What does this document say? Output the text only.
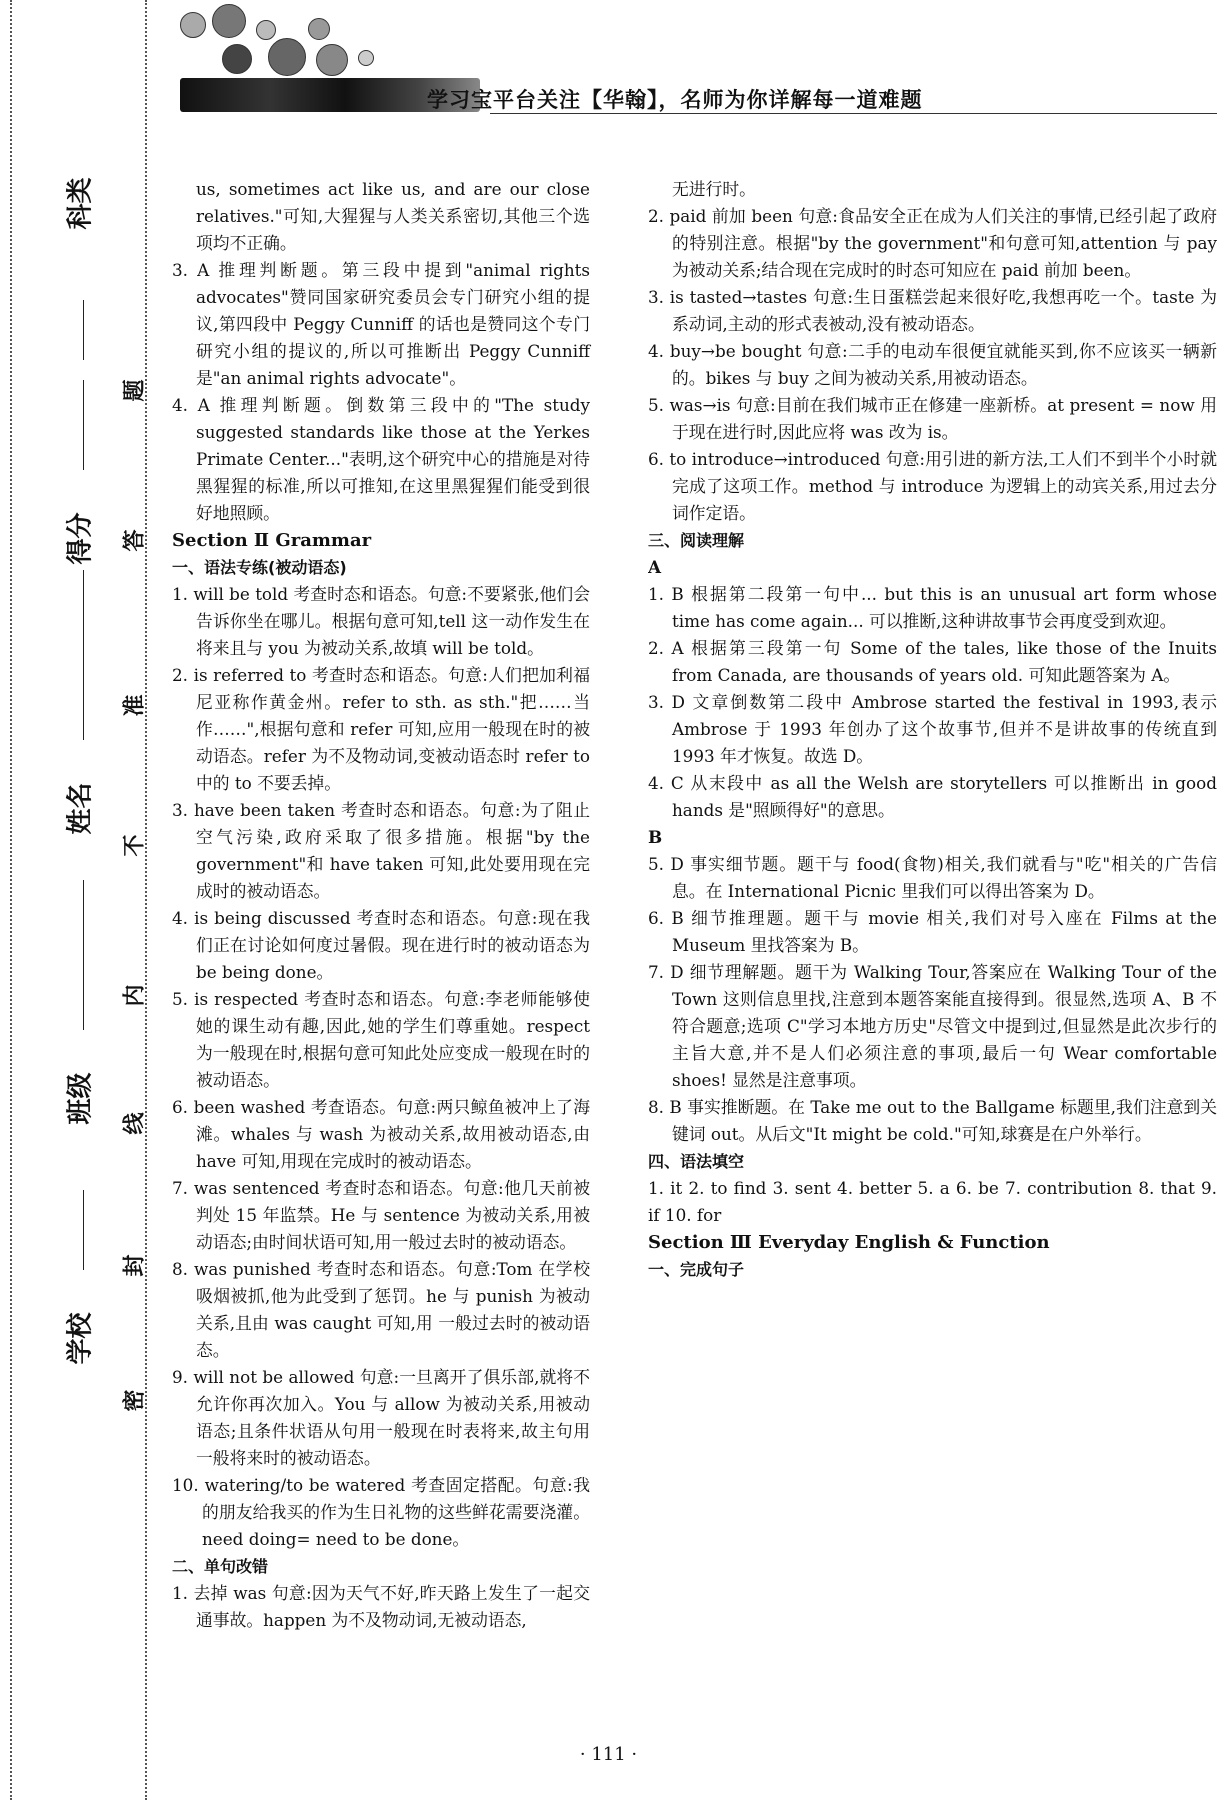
学校
班级
姓名
得分
科类
密
封
线
内
不
准
答
题
学习宝平台关注【华翰】，名师为你详解每一道难题

us, sometimes act like us, and are our close relatives."可知,大猩猩与人类关系密切,其他三个选项均不正确。

3. A 推理判断题。第三段中提到"animal rights advocates"赞同国家研究委员会专门研究小组的提议,第四段中 Peggy Cunniff 的话也是赞同这个专门研究小组的提议的,所以可推断出 Peggy Cunniff 是"an animal rights advocate"。

4. A 推理判断题。倒数第三段中的"The study suggested standards like those at the Yerkes Primate Center..."表明,这个研究中心的措施是对待黑猩猩的标准,所以可推知,在这里黑猩猩们能受到很好地照顾。

Section Ⅱ Grammar

一、语法专练(被动语态)

1. will be told 考查时态和语态。句意:不要紧张,他们会告诉你坐在哪儿。根据句意可知,tell 这一动作发生在将来且与 you 为被动关系,故填 will be told。

2. is referred to 考查时态和语态。句意:人们把加利福尼亚称作黄金州。refer to sth. as sth."把……当作……",根据句意和 refer 可知,应用一般现在时的被动语态。refer 为不及物动词,变被动语态时 refer to 中的 to 不要丢掉。

3. have been taken 考查时态和语态。句意:为了阻止空气污染,政府采取了很多措施。根据"by the government"和 have taken 可知,此处要用现在完成时的被动语态。

4. is being discussed 考查时态和语态。句意:现在我们正在讨论如何度过暑假。现在进行时的被动语态为 be being done。

5. is respected 考查时态和语态。句意:李老师能够使她的课生动有趣,因此,她的学生们尊重她。respect 为一般现在时,根据句意可知此处应变成一般现在时的被动语态。

6. been washed 考查语态。句意:两只鲸鱼被冲上了海滩。whales 与 wash 为被动关系,故用被动语态,由 have 可知,用现在完成时的被动语态。

7. was sentenced 考查时态和语态。句意:他几天前被判处 15 年监禁。He 与 sentence 为被动关系,用被动语态;由时间状语可知,用一般过去时的被动语态。

8. was punished 考查时态和语态。句意:Tom 在学校吸烟被抓,他为此受到了惩罚。he 与 punish 为被动关系,且由 was caught 可知,用 一般过去时的被动语态。

9. will not be allowed 句意:一旦离开了俱乐部,就将不允许你再次加入。You 与 allow 为被动关系,用被动语态;且条件状语从句用一般现在时表将来,故主句用一般将来时的被动语态。

10. watering/to be watered 考查固定搭配。句意:我的朋友给我买的作为生日礼物的这些鲜花需要浇灌。need doing= need to be done。

二、单句改错

1. 去掉 was 句意:因为天气不好,昨天路上发生了一起交通事故。happen 为不及物动词,无被动语态,

无进行时。

2. paid 前加 been 句意:食品安全正在成为人们关注的事情,已经引起了政府的特别注意。根据"by the government"和句意可知,attention 与 pay 为被动关系;结合现在完成时的时态可知应在 paid 前加 been。

3. is tasted→tastes 句意:生日蛋糕尝起来很好吃,我想再吃一个。taste 为系动词,主动的形式表被动,没有被动语态。

4. buy→be bought 句意:二手的电动车很便宜就能买到,你不应该买一辆新的。bikes 与 buy 之间为被动关系,用被动语态。

5. was→is 句意:目前在我们城市正在修建一座新桥。at present = now 用于现在进行时,因此应将 was 改为 is。

6. to introduce→introduced 句意:用引进的新方法,工人们不到半个小时就完成了这项工作。method 与 introduce 为逻辑上的动宾关系,用过去分词作定语。

三、阅读理解

A

1. B 根据第二段第一句中... but this is an unusual art form whose time has come again... 可以推断,这种讲故事节会再度受到欢迎。

2. A 根据第三段第一句 Some of the tales, like those of the Inuits from Canada, are thousands of years old. 可知此题答案为 A。

3. D 文章倒数第二段中 Ambrose started the festival in 1993,表示 Ambrose 于 1993 年创办了这个故事节,但并不是讲故事的传统直到 1993 年才恢复。故选 D。

4. C 从末段中 as all the Welsh are storytellers 可以推断出 in good hands 是"照顾得好"的意思。

B

5. D 事实细节题。题干与 food(食物)相关,我们就看与"吃"相关的广告信息。在 International Picnic 里我们可以得出答案为 D。

6. B 细节推理题。题干与 movie 相关,我们对号入座在 Films at the Museum 里找答案为 B。

7. D 细节理解题。题干为 Walking Tour,答案应在 Walking Tour of the Town 这则信息里找,注意到本题答案能直接得到。很显然,选项 A、B 不符合题意;选项 C"学习本地方历史"尽管文中提到过,但显然是此次步行的主旨大意,并不是人们必须注意的事项,最后一句 Wear comfortable shoes! 显然是注意事项。

8. B 事实推断题。在 Take me out to the Ballgame 标题里,我们注意到关键词 out。从后文"It might be cold."可知,球赛是在户外举行。

四、语法填空

1. it 2. to find 3. sent 4. better 5. a 6. be 7. contribution 8. that 9. if 10. for

Section Ⅲ Everyday English & Function

一、完成句子

· 111 ·
